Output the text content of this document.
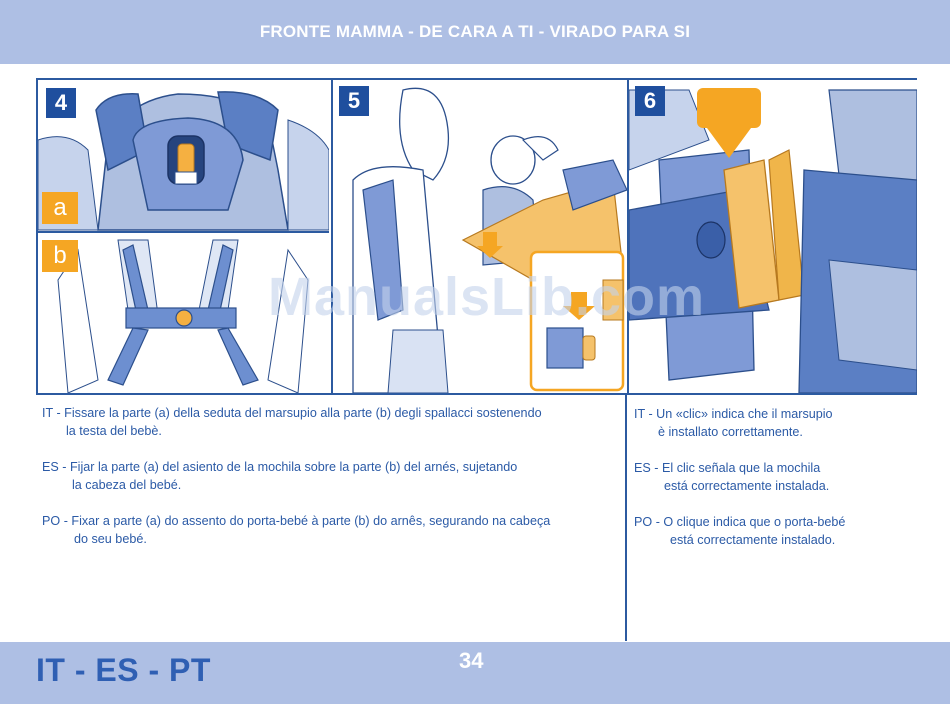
FRONTE MAMMA - DE CARA A TI - VIRADO PARA SI
4
a
b
5	6
ManualsLib.com

IT - Fissare la parte (a) della seduta del marsupio alla parte (b) degli spallacci sostenendo
la testa del bebè.

ES - Fijar la parte (a) del asiento de la mochila sobre la parte (b) del arnés, sujetando
la cabeza del bebé.

PO - Fixar a parte (a) do assento do porta-bebé à parte (b) do arnês, segurando na cabeça
do seu bebé.

IT - Un «clic» indica che il marsupio
è installato correttamente.

ES - El clic señala que la mochila
está correctamente instalada.

PO - O clique indica que o porta-bebé
está correctamente instalado.

IT - ES - PT	34
